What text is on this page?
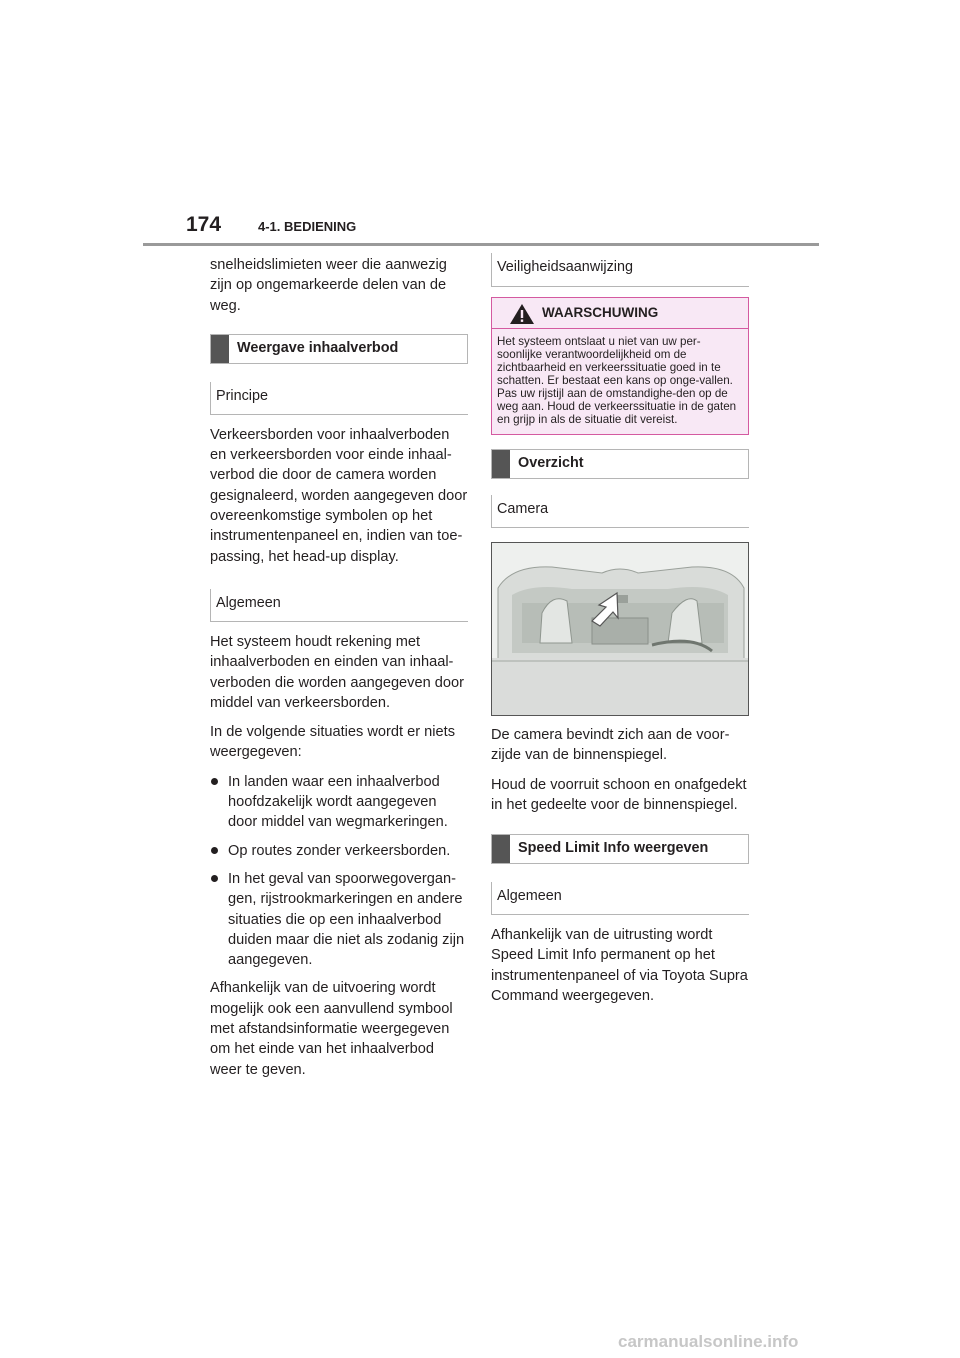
174	4-1. BEDIENING

snelheidslimieten weer die aanwezig zijn op ongemarkeerde delen van de weg.

Weergave inhaalverbod
Principe

Verkeersborden voor inhaalverboden en verkeersborden voor einde inhaal-verbod die door de camera worden gesignaleerd, worden aangegeven door overeenkomstige symbolen op het instrumentenpaneel en, indien van toe-passing, het head-up display.

Algemeen

Het systeem houdt rekening met inhaalverboden en einden van inhaal-verboden die worden aangegeven door middel van verkeersborden.

In de volgende situaties wordt er niets weergegeven:

In landen waar een inhaalverbod hoofdzakelijk wordt aangegeven door middel van wegmarkeringen.
Op routes zonder verkeersborden.
In het geval van spoorwegovergan-gen, rijstrookmarkeringen en andere situaties die op een inhaalverbod duiden maar die niet als zodanig zijn aangegeven.

Afhankelijk van de uitvoering wordt mogelijk ook een aanvullend symbool met afstandsinformatie weergegeven om het einde van het inhaalverbod weer te geven.

Veiligheidsaanwijzing
WAARSCHUWING
Het systeem ontslaat u niet van uw per-soonlijke verantwoordelijkheid om de zichtbaarheid en verkeerssituatie goed in te schatten. Er bestaat een kans op onge-vallen. Pas uw rijstijl aan de omstandighe-den op de weg aan. Houd de verkeerssituatie in de gaten en grijp in als de situatie dit vereist.
Overzicht
Camera

De camera bevindt zich aan de voor-zijde van de binnenspiegel.

Houd de voorruit schoon en onafgedekt in het gedeelte voor de binnenspiegel.

Speed Limit Info weergeven
Algemeen

Afhankelijk van de uitrusting wordt Speed Limit Info permanent op het instrumentenpaneel of via Toyota Supra Command weergegeven.

carmanualsonline.info
